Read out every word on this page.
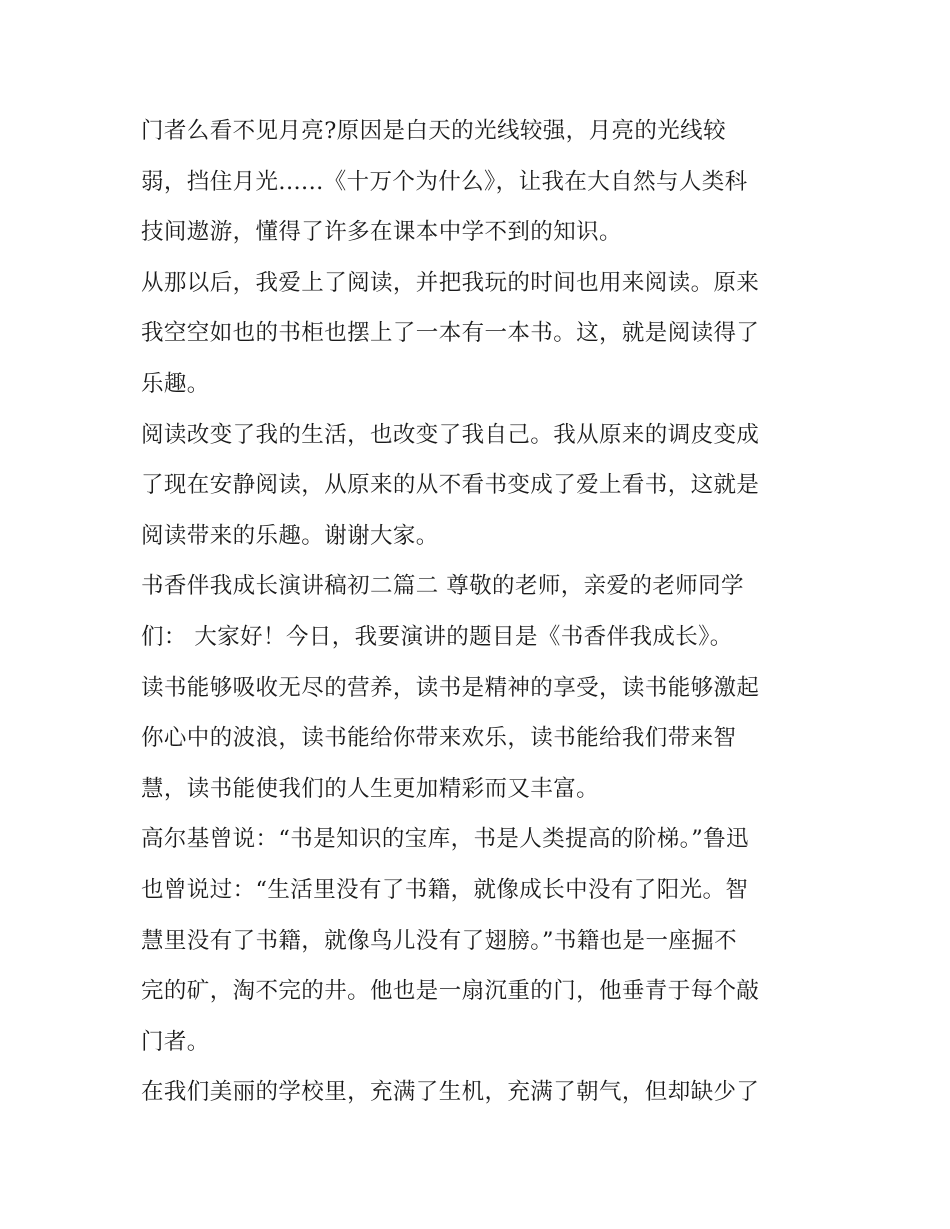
门者么看不见月亮?原因是白天的光线较强，月亮的光线较
弱，挡住月光......《十万个为什么》，让我在大自然与人类科
技间遨游，懂得了许多在课本中学不到的知识。
从那以后，我爱上了阅读，并把我玩的时间也用来阅读。原来
我空空如也的书柜也摆上了一本有一本书。这，就是阅读得了
乐趣。
阅读改变了我的生活，也改变了我自己。我从原来的调皮变成
了现在安静阅读，从原来的从不看书变成了爱上看书，这就是
阅读带来的乐趣。谢谢大家。
书香伴我成长演讲稿初二篇二 尊敬的老师，亲爱的老师同学
们： 大家好！今日，我要演讲的题目是《书香伴我成长》。
读书能够吸收无尽的营养，读书是精神的享受，读书能够激起
你心中的波浪，读书能给你带来欢乐，读书能给我们带来智
慧，读书能使我们的人生更加精彩而又丰富。
高尔基曾说：“书是知识的宝库，书是人类提高的阶梯。”鲁迅
也曾说过：“生活里没有了书籍，就像成长中没有了阳光。智
慧里没有了书籍，就像鸟儿没有了翅膀。”书籍也是一座掘不
完的矿，淘不完的井。他也是一扇沉重的门，他垂青于每个敲
门者。
在我们美丽的学校里，充满了生机，充满了朝气，但却缺少了
